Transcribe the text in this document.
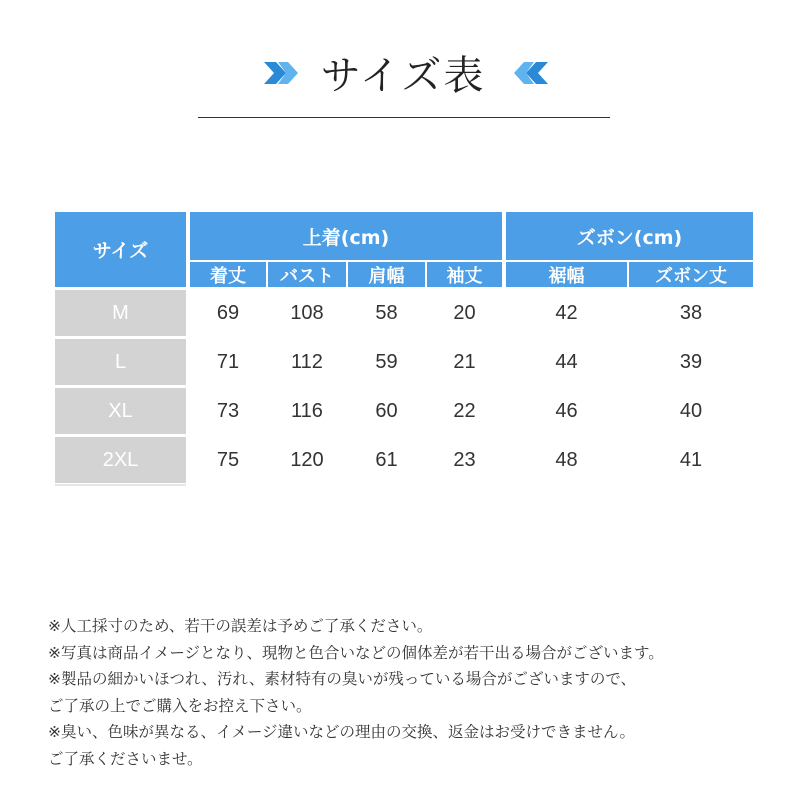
サイズ表
サイズ
上着(cm)	ズボン(cm)
着丈	バスト	肩幅	袖丈	裾幅	ズボン丈
M	69	108	58	20	42	38
L	71	112	59	21	44	39
XL	73	116	60	22	46	40
2XL	75	120	61	23	48	41
※人工採寸のため、若干の誤差は予めご了承ください。
※写真は商品イメージとなり、現物と色合いなどの個体差が若干出る場合がございます。
※製品の細かいほつれ、汚れ、素材特有の臭いが残っている場合がございますので、
ご了承の上でご購入をお控え下さい。
※臭い、色味が異なる、イメージ違いなどの理由の交換、返金はお受けできません。
ご了承くださいませ。
